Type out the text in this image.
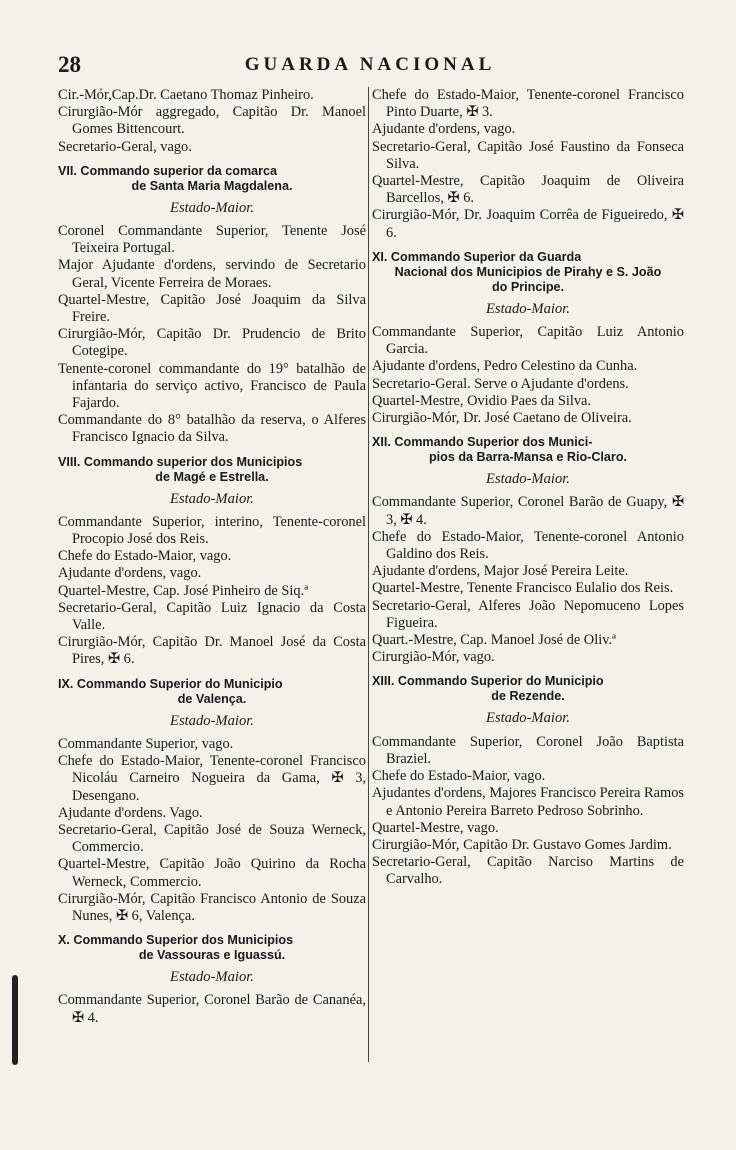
28	GUARDA NACIONAL

Cir.-Mór,Cap.Dr. Caetano Thomaz Pinheiro.

Cirurgião-Mór aggregado, Capitão Dr. Manoel Gomes Bittencourt.

Secretario-Geral, vago.

VII. Commando superior da comarca
de Santa Maria Magdalena.
Estado-Maior.

Coronel Commandante Superior, Tenente José Teixeira Portugal.

Major Ajudante d'ordens, servindo de Secretario Geral, Vicente Ferreira de Moraes.

Quartel-Mestre, Capitão José Joaquim da Silva Freire.

Cirurgião-Mór, Capitão Dr. Prudencio de Brito Cotegipe.

Tenente-coronel commandante do 19° batalhão de infantaria do serviço activo, Francisco de Paula Fajardo.

Commandante do 8° batalhão da reserva, o Alferes Francisco Ignacio da Silva.

VIII. Commando superior dos Municipios
de Magé e Estrella.
Estado-Maior.

Commandante Superior, interino, Tenente-coronel Procopio José dos Reis.

Chefe do Estado-Maior, vago.

Ajudante d'ordens, vago.

Quartel-Mestre, Cap. José Pinheiro de Siq.ª

Secretario-Geral, Capitão Luiz Ignacio da Costa Valle.

Cirurgião-Mór, Capitão Dr. Manoel José da Costa Pires, ✠ 6.

IX. Commando Superior do Municipio
de Valença.
Estado-Maior.

Commandante Superior, vago.

Chefe do Estado-Maior, Tenente-coronel Francisco Nicoláu Carneiro Nogueira da Gama, ✠ 3, Desengano.

Ajudante d'ordens. Vago.

Secretario-Geral, Capitão José de Souza Werneck, Commercio.

Quartel-Mestre, Capitão João Quirino da Rocha Werneck, Commercio.

Cirurgião-Mór, Capitão Francisco Antonio de Souza Nunes, ✠ 6, Valença.

X. Commando Superior dos Municipios
de Vassouras e Iguassú.
Estado-Maior.

Commandante Superior, Coronel Barão de Cananéa, ✠ 4.

Chefe do Estado-Maior, Tenente-coronel Francisco Pinto Duarte, ✠ 3.

Ajudante d'ordens, vago.

Secretario-Geral, Capitão José Faustino da Fonseca Silva.

Quartel-Mestre, Capitão Joaquim de Oliveira Barcellos, ✠ 6.

Cirurgião-Mór, Dr. Joaquim Corrêa de Figueiredo, ✠ 6.

XI. Commando Superior da Guarda
Nacional dos Municipios de Pirahy e S. João do Principe.
Estado-Maior.

Commandante Superior, Capitão Luiz Antonio Garcia.

Ajudante d'ordens, Pedro Celestino da Cunha.

Secretario-Geral. Serve o Ajudante d'ordens.

Quartel-Mestre, Ovidio Paes da Silva.

Cirurgião-Mór, Dr. José Caetano de Oliveira.

XII. Commando Superior dos Munici-
pios da Barra-Mansa e Rio-Claro.
Estado-Maior.

Commandante Superior, Coronel Barão de Guapy, ✠ 3, ✠ 4.

Chefe do Estado-Maior, Tenente-coronel Antonio Galdino dos Reis.

Ajudante d'ordens, Major José Pereira Leite.

Quartel-Mestre, Tenente Francisco Eulalio dos Reis.

Secretario-Geral, Alferes João Nepomuceno Lopes Figueira.

Quart.-Mestre, Cap. Manoel José de Oliv.ª

Cirurgião-Mór, vago.

XIII. Commando Superior do Municipio
de Rezende.
Estado-Maior.

Commandante Superior, Coronel João Baptista Braziel.

Chefe do Estado-Maior, vago.

Ajudantes d'ordens, Majores Francisco Pereira Ramos e Antonio Pereira Barreto Pedroso Sobrinho.

Quartel-Mestre, vago.

Cirurgião-Mór, Capitão Dr. Gustavo Gomes Jardim.

Secretario-Geral, Capitão Narciso Martins de Carvalho.
